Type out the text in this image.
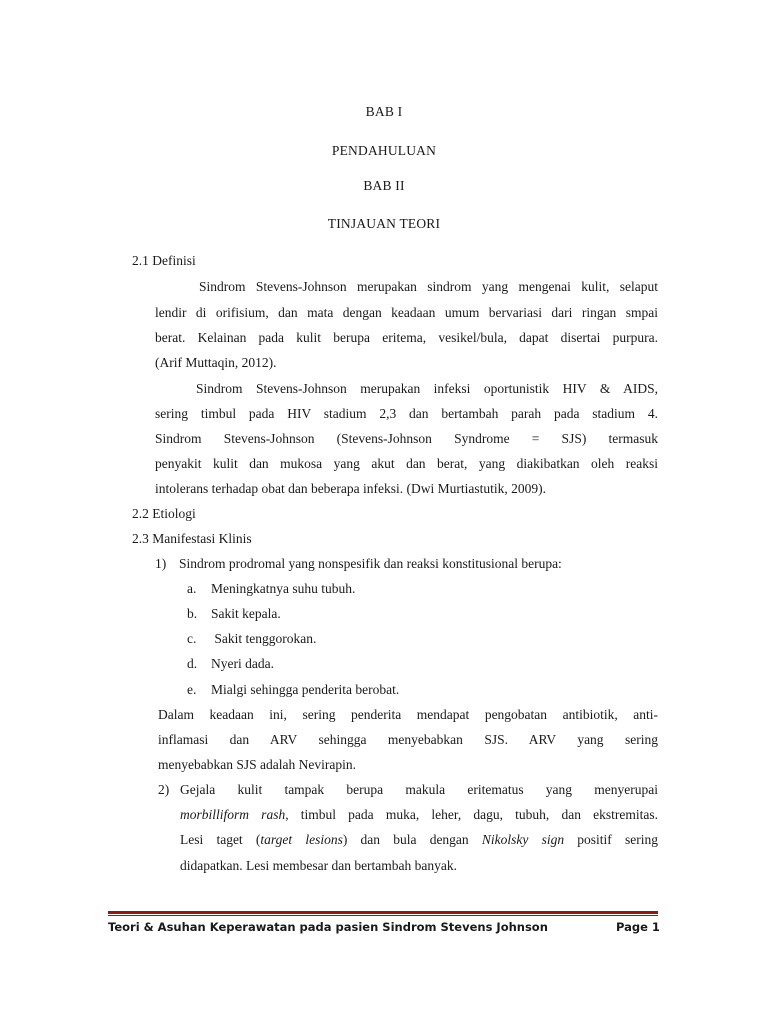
BAB I
PENDAHULUAN
BAB II
TINJAUAN TEORI
2.1 Definisi
Sindrom Stevens-Johnson merupakan sindrom yang mengenai kulit, selaput
lendir di orifisium, dan mata dengan keadaan umum bervariasi dari ringan smpai
berat. Kelainan pada kulit berupa eritema, vesikel/bula, dapat disertai purpura.
(Arif Muttaqin, 2012).
Sindrom Stevens-Johnson merupakan infeksi oportunistik HIV & AIDS,
sering timbul pada HIV stadium 2,3 dan bertambah parah pada stadium 4.
Sindrom Stevens-Johnson (Stevens-Johnson Syndrome = SJS) termasuk
penyakit kulit dan mukosa yang akut dan berat, yang diakibatkan oleh reaksi
intolerans terhadap obat dan beberapa infeksi. (Dwi Murtiastutik, 2009).
2.2 Etiologi
2.3 Manifestasi Klinis
1) Sindrom prodromal yang nonspesifik dan reaksi konstitusional berupa:
a. Meningkatnya suhu tubuh.
b. Sakit kepala.
c. Sakit tenggorokan.
d. Nyeri dada.
e. Mialgi sehingga penderita berobat.
Dalam keadaan ini, sering penderita mendapat pengobatan antibiotik, anti-
inflamasi dan ARV sehingga menyebabkan SJS. ARV yang sering
menyebabkan SJS adalah Nevirapin.
2) Gejala kulit tampak berupa makula eritematus yang menyerupai
morbilliform rash, timbul pada muka, leher, dagu, tubuh, dan ekstremitas.
Lesi taget (target lesions) dan bula dengan Nikolsky sign positif sering
didapatkan. Lesi membesar dan bertambah banyak.
Teori & Asuhan Keperawatan pada pasien Sindrom Stevens Johnson	Page 1
